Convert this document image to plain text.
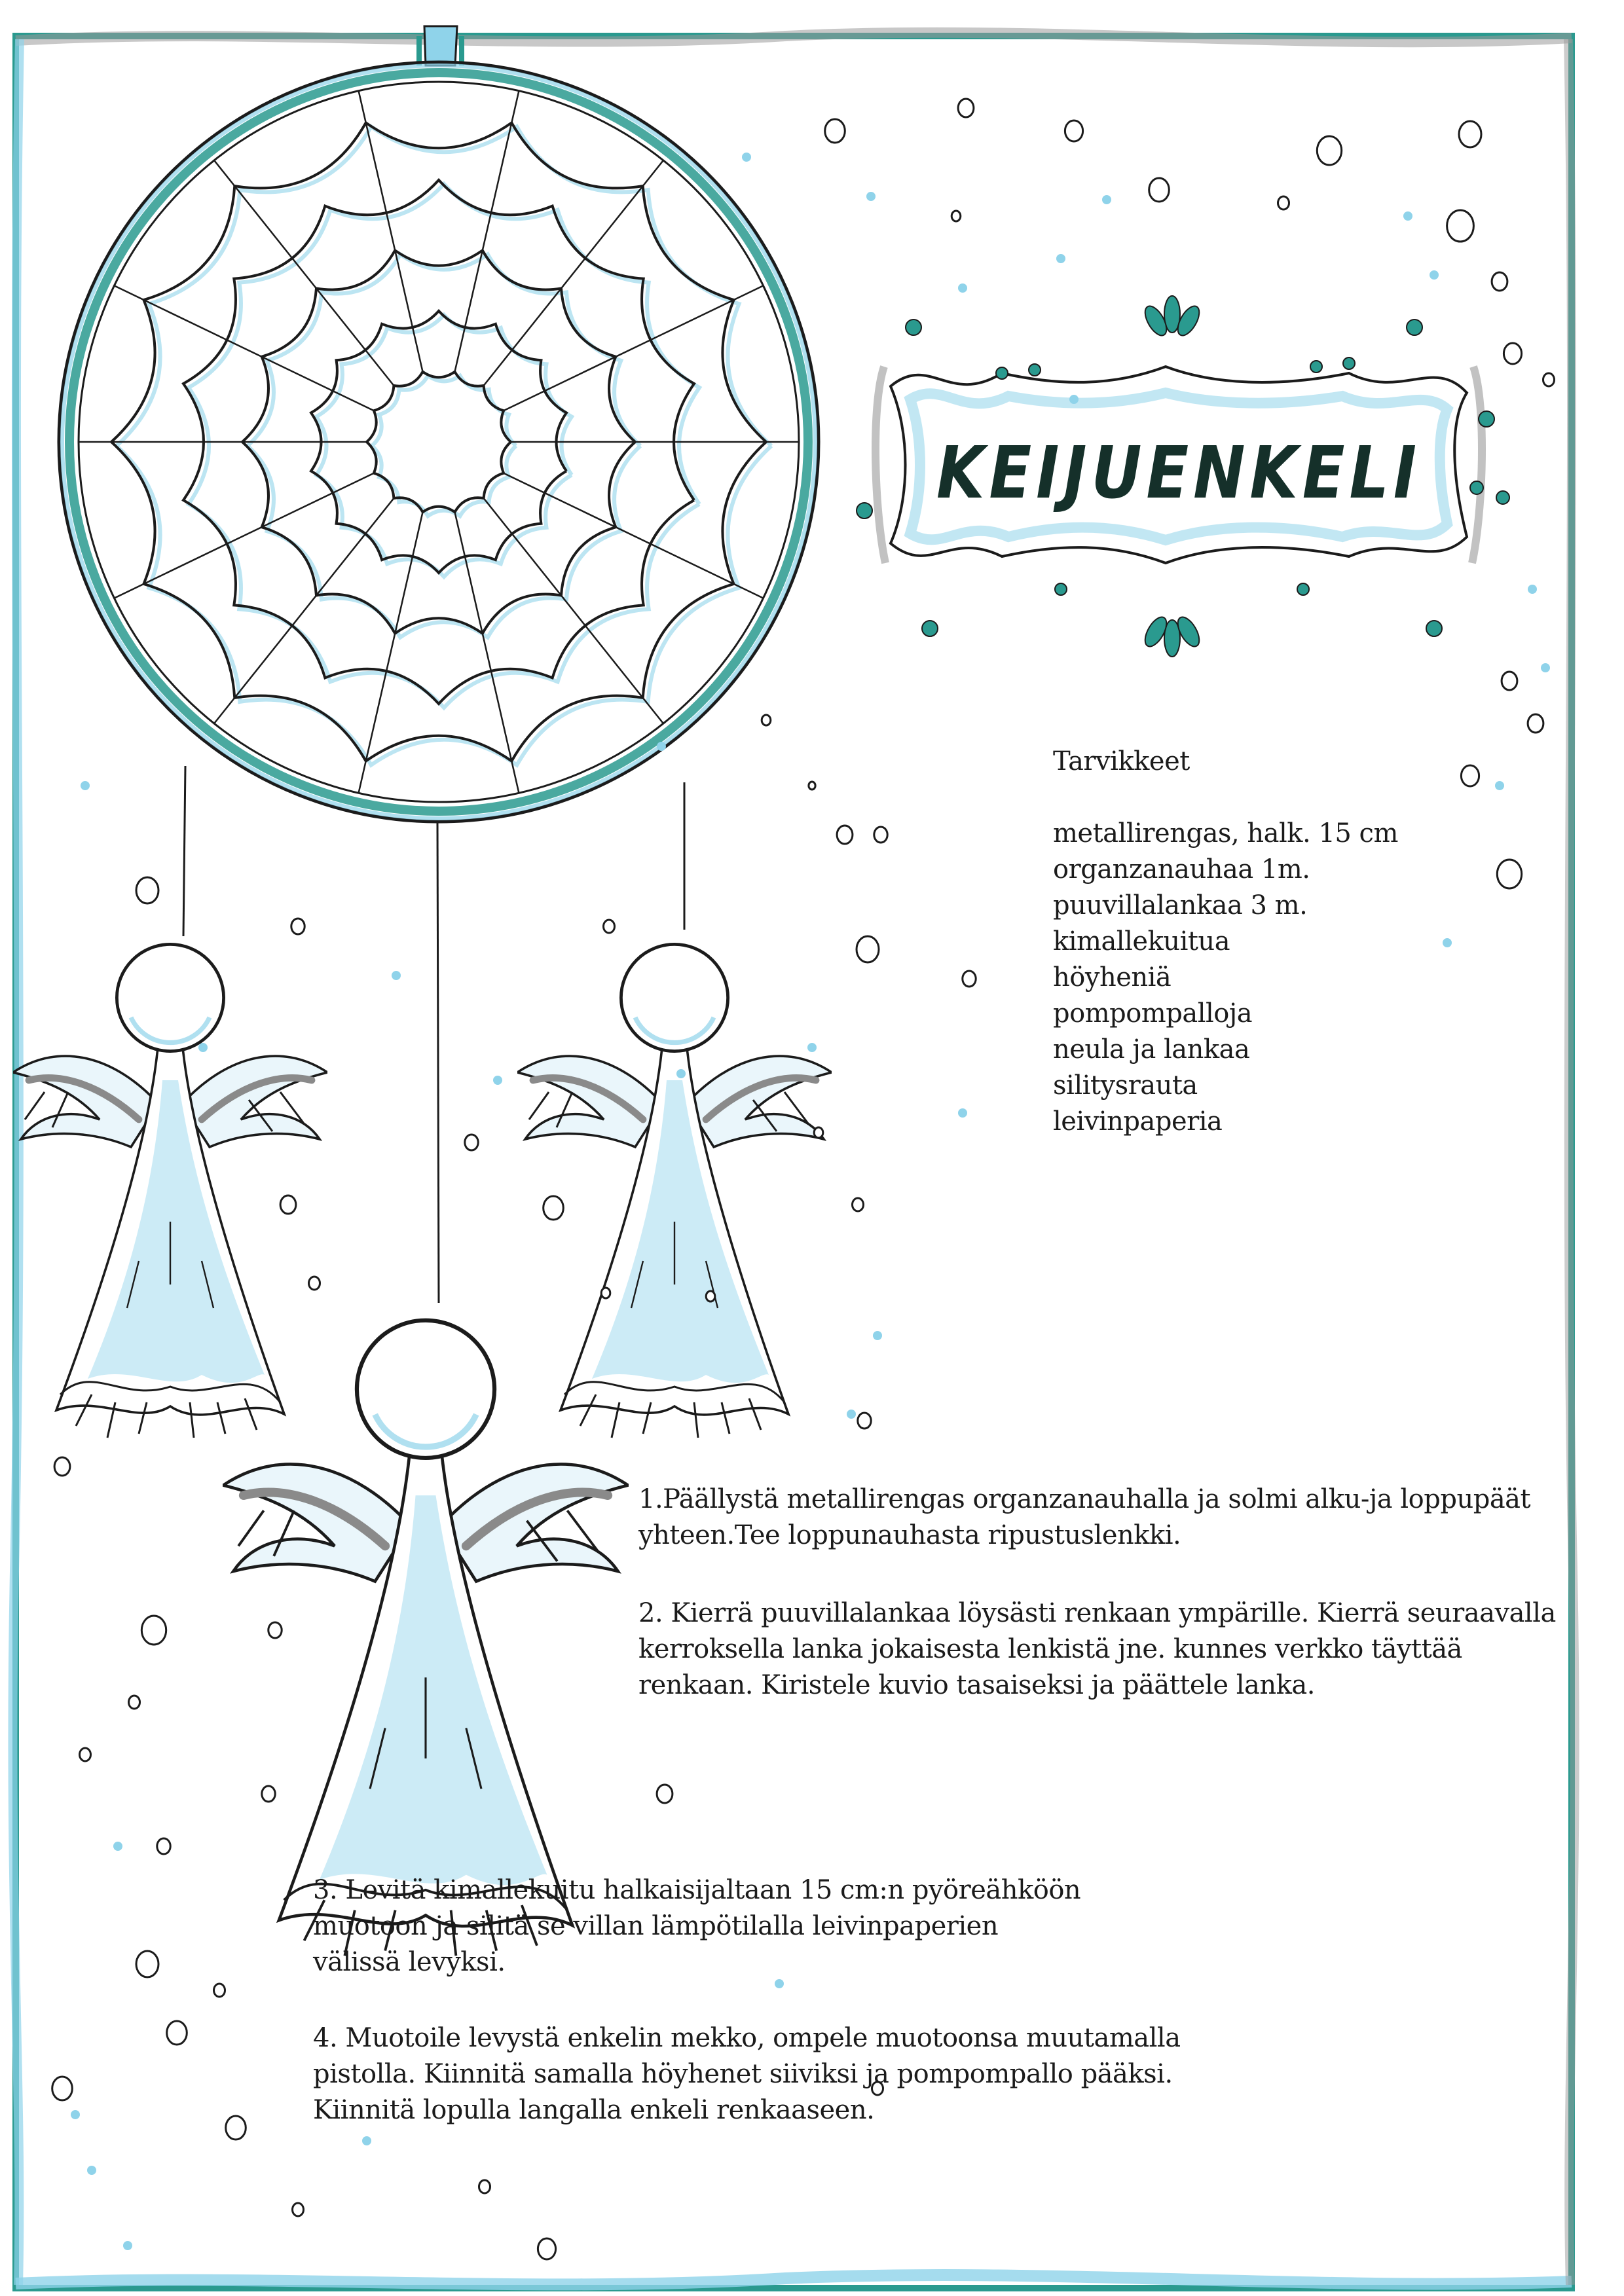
KEIJUENKELI
Tarvikkeet
metallirengas, halk. 15 cm
organzanauhaa 1m.
puuvillalankaa 3 m.
kimallekuitua
höyheniä
pompompalloja
neula ja lankaa
silitysrauta
leivinpaperia
1.Päällystä metallirengas organzanauhalla ja solmi alku-ja loppupäät
yhteen.Tee loppunauhasta ripustuslenkki.
2. Kierrä puuvillalankaa löysästi renkaan ympärille. Kierrä seuraavalla
kerroksella lanka jokaisesta lenkistä jne. kunnes verkko täyttää
renkaan. Kiristele kuvio tasaiseksi ja päättele lanka.
3. Levitä kimallekuitu halkaisijaltaan 15 cm:n pyöreähköön
muotoon ja silitä se villan lämpötilalla leivinpaperien
välissä levyksi.
4. Muotoile levystä enkelin mekko, ompele muotoonsa muutamalla
pistolla. Kiinnitä samalla höyhenet siiviksi ja pompompallo pääksi.
Kiinnitä lopulla langalla enkeli renkaaseen.
